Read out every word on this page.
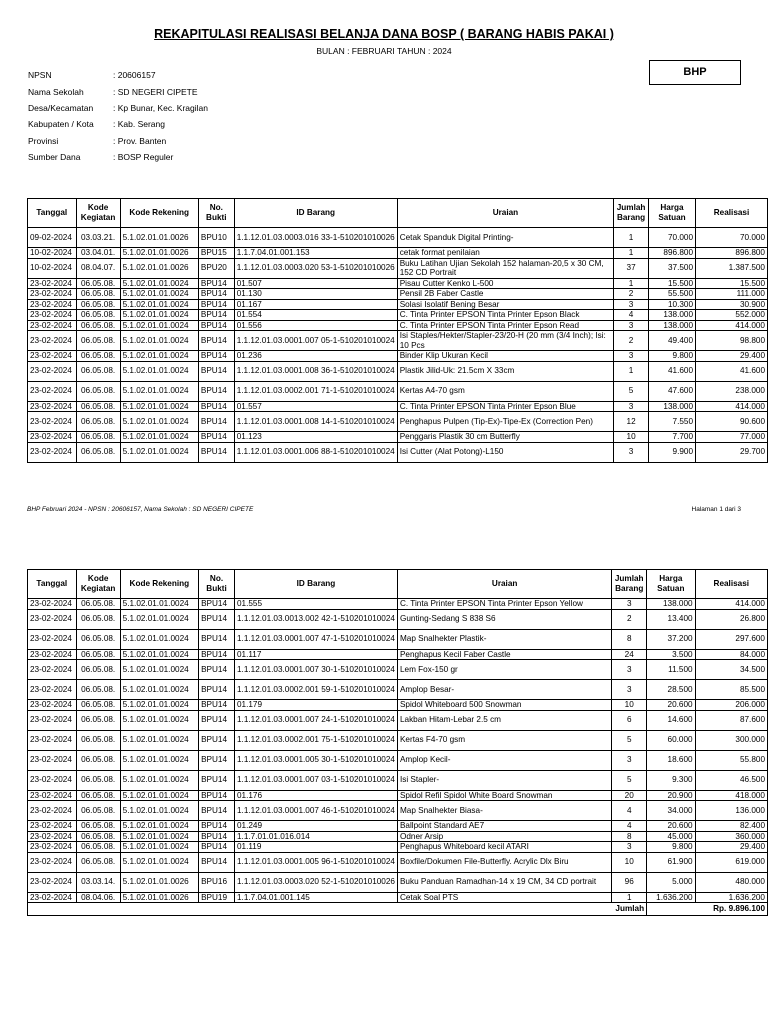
REKAPITULASI REALISASI BELANJA DANA BOSP ( BARANG HABIS PAKAI )
BULAN : FEBRUARI TAHUN : 2024
BHP
NPSN	: 20606157
Nama Sekolah	: SD NEGERI CIPETE
Desa/Kecamatan	: Kp Bunar, Kec. Kragilan
Kabupaten / Kota	: Kab. Serang
Provinsi	: Prov. Banten
Sumber Dana	: BOSP Reguler
Tanggal	Kode Kegiatan	Kode Rekening	No. Bukti	ID Barang	Uraian	Jumlah Barang	Harga Satuan	Realisasi
09-02-2024	03.03.21.	5.1.02.01.01.0026	BPU10	1.1.12.01.03.0003.016 33-1-510201010026	Cetak Spanduk Digital Printing-	1	70.000	70.000
10-02-2024	03.04.01.	5.1.02.01.01.0026	BPU15	1.1.7.04.01.001.153	cetak format penilaian	1	896.800	896.800
10-02-2024	08.04.07.	5.1.02.01.01.0026	BPU20	1.1.12.01.03.0003.020 53-1-510201010026	Buku Latihan Ujian Sekolah 152 halaman-20,5 x 30 CM, 152 CD Portrait	37	37.500	1.387.500
23-02-2024	06.05.08.	5.1.02.01.01.0024	BPU14	01.507	Pisau Cutter Kenko L-500	1	15.500	15.500
23-02-2024	06.05.08.	5.1.02.01.01.0024	BPU14	01.130	Pensil 2B Faber Castle	2	55.500	111.000
23-02-2024	06.05.08.	5.1.02.01.01.0024	BPU14	01.167	Solasi Isolatif Bening Besar	3	10.300	30.900
23-02-2024	06.05.08.	5.1.02.01.01.0024	BPU14	01.554	C. Tinta Printer EPSON Tinta Printer Epson Black	4	138.000	552.000
23-02-2024	06.05.08.	5.1.02.01.01.0024	BPU14	01.556	C. Tinta Printer EPSON Tinta Printer Epson Read	3	138.000	414.000
23-02-2024	06.05.08.	5.1.02.01.01.0024	BPU14	1.1.12.01.03.0001.007 05-1-510201010024	Isi Staples/Hekter/Stapler-23/20-H (20 mm (3/4 Inch); Isi: 10 Pcs	2	49.400	98.800
23-02-2024	06.05.08.	5.1.02.01.01.0024	BPU14	01.236	Binder Klip Ukuran Kecil	3	9.800	29.400
23-02-2024	06.05.08.	5.1.02.01.01.0024	BPU14	1.1.12.01.03.0001.008 36-1-510201010024	Plastik Jilid-Uk: 21.5cm X 33cm	1	41.600	41.600
23-02-2024	06.05.08.	5.1.02.01.01.0024	BPU14	1.1.12.01.03.0002.001 71-1-510201010024	Kertas A4-70 gsm	5	47.600	238.000
23-02-2024	06.05.08.	5.1.02.01.01.0024	BPU14	01.557	C. Tinta Printer EPSON Tinta Printer Epson Blue	3	138.000	414.000
23-02-2024	06.05.08.	5.1.02.01.01.0024	BPU14	1.1.12.01.03.0001.008 14-1-510201010024	Penghapus Pulpen (Tip-Ex)-Tipe-Ex (Correction Pen)	12	7.550	90.600
23-02-2024	06.05.08.	5.1.02.01.01.0024	BPU14	01.123	Penggaris Plastik 30 cm Butterfly	10	7.700	77.000
23-02-2024	06.05.08.	5.1.02.01.01.0024	BPU14	1.1.12.01.03.0001.006 88-1-510201010024	Isi Cutter (Alat Potong)-L150	3	9.900	29.700
BHP Februari 2024 - NPSN : 20606157, Nama Sekolah : SD NEGERI CIPETE	Halaman 1 dari 3
Tanggal	Kode Kegiatan	Kode Rekening	No. Bukti	ID Barang	Uraian	Jumlah Barang	Harga Satuan	Realisasi
23-02-2024	06.05.08.	5.1.02.01.01.0024	BPU14	01.555	C. Tinta Printer EPSON Tinta Printer Epson Yellow	3	138.000	414.000
23-02-2024	06.05.08.	5.1.02.01.01.0024	BPU14	1.1.12.01.03.0013.002 42-1-510201010024	Gunting-Sedang S 838 S6	2	13.400	26.800
23-02-2024	06.05.08.	5.1.02.01.01.0024	BPU14	1.1.12.01.03.0001.007 47-1-510201010024	Map Snalhekter Plastik-	8	37.200	297.600
23-02-2024	06.05.08.	5.1.02.01.01.0024	BPU14	01.117	Penghapus Kecil Faber Castle	24	3.500	84.000
23-02-2024	06.05.08.	5.1.02.01.01.0024	BPU14	1.1.12.01.03.0001.007 30-1-510201010024	Lem Fox-150 gr	3	11.500	34.500
23-02-2024	06.05.08.	5.1.02.01.01.0024	BPU14	1.1.12.01.03.0002.001 59-1-510201010024	Amplop Besar-	3	28.500	85.500
23-02-2024	06.05.08.	5.1.02.01.01.0024	BPU14	01.179	Spidol Whiteboard 500 Snowman	10	20.600	206.000
23-02-2024	06.05.08.	5.1.02.01.01.0024	BPU14	1.1.12.01.03.0001.007 24-1-510201010024	Lakban Hitam-Lebar 2.5 cm	6	14.600	87.600
23-02-2024	06.05.08.	5.1.02.01.01.0024	BPU14	1.1.12.01.03.0002.001 75-1-510201010024	Kertas F4-70 gsm	5	60.000	300.000
23-02-2024	06.05.08.	5.1.02.01.01.0024	BPU14	1.1.12.01.03.0001.005 30-1-510201010024	Amplop Kecil-	3	18.600	55.800
23-02-2024	06.05.08.	5.1.02.01.01.0024	BPU14	1.1.12.01.03.0001.007 03-1-510201010024	Isi Stapler-	5	9.300	46.500
23-02-2024	06.05.08.	5.1.02.01.01.0024	BPU14	01.176	Spidol Refil Spidol White Board Snowman	20	20.900	418.000
23-02-2024	06.05.08.	5.1.02.01.01.0024	BPU14	1.1.12.01.03.0001.007 46-1-510201010024	Map Snalhekter Biasa-	4	34.000	136.000
23-02-2024	06.05.08.	5.1.02.01.01.0024	BPU14	01.249	Ballpoint Standard AE7	4	20.600	82.400
23-02-2024	06.05.08.	5.1.02.01.01.0024	BPU14	1.1.7.01.01.016.014	Odner Arsip	8	45.000	360.000
23-02-2024	06.05.08.	5.1.02.01.01.0024	BPU14	01.119	Penghapus Whiteboard kecil ATARI	3	9.800	29.400
23-02-2024	06.05.08.	5.1.02.01.01.0024	BPU14	1.1.12.01.03.0001.005 96-1-510201010024	Boxfile/Dokumen File-Butterfly. Acrylic Dlx Biru	10	61.900	619.000
23-02-2024	03.03.14.	5.1.02.01.01.0026	BPU16	1.1.12.01.03.0003.020 52-1-510201010026	Buku Panduan Ramadhan-14 x 19 CM, 34 CD portrait	96	5.000	480.000
23-02-2024	08.04.06.	5.1.02.01.01.0026	BPU19	1.1.7.04.01.001.145	Cetak Soal PTS	1	1.636.200	1.636.200
Jumlah							Rp. 9.896.100	
